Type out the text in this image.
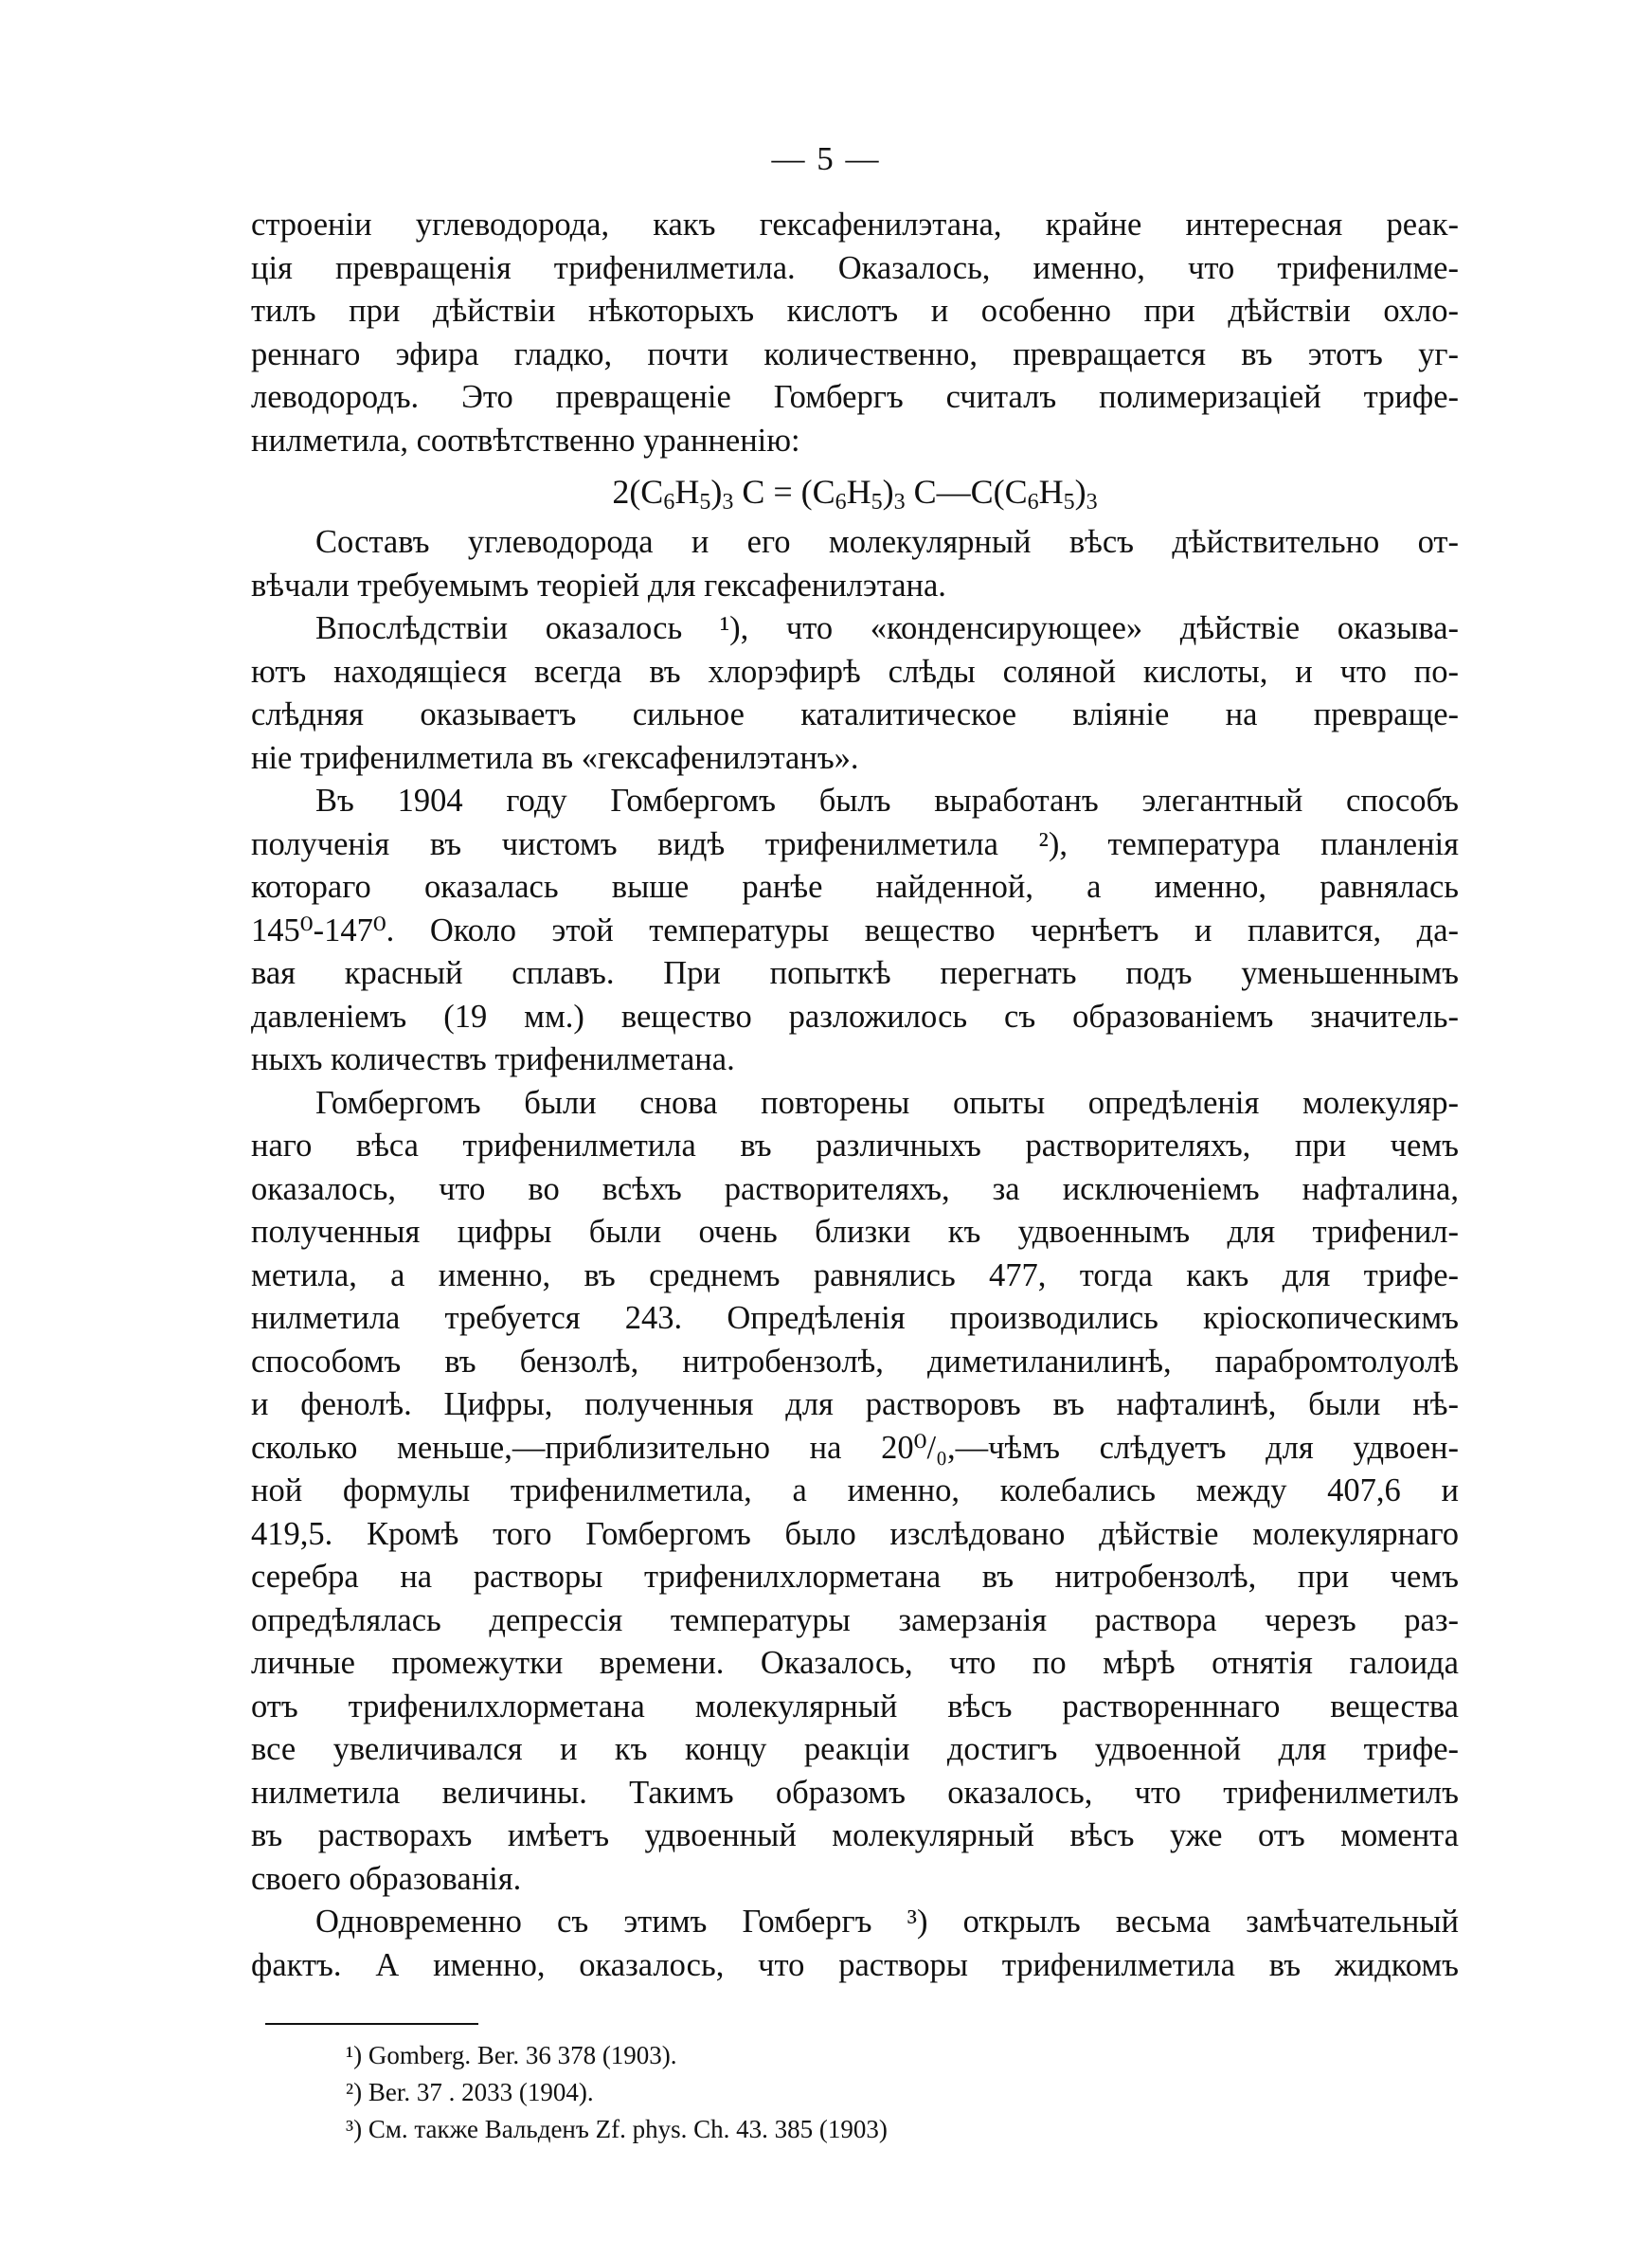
— 5 —
строеніи углеводорода, какъ гексафенилэтана, крайне интересная реак-
ція превращенія трифенилметила. Оказалось, именно, что трифенилме-
тилъ при дѣйствіи нѣкоторыхъ кислотъ и особенно при дѣйствіи охло-
реннаго эфира гладко, почти количественно, превращается въ этотъ уг-
леводородъ. Это превращеніе Гомбергъ считалъ полимеризацiей трифе-
нилметила, соотвѣтственно уранненію:
$2(C_6H_5)_3$ $C = (C_6H_5)_3$ $C—C(C_6H_5)_3$
Составъ углеводорода и его молекулярный вѣсъ дѣйствительно от-
вѣчали требуемымъ теоріей для гексафенилэтана.
Впослѣдствіи оказалось ¹), что «конденсирующее» дѣйствіе оказыва-
ютъ находящіеся всегда въ хлорэфирѣ слѣды соляной кислоты, и что по-
слѣдняя оказываетъ сильное каталитическое вліяніе на превраще-
ніе трифенилметила въ «гексафенилэтанъ».
Въ 1904 году Гомбергомъ былъ выработанъ элегантный способъ
полученія въ чистомъ видѣ трифенилметила ²), температура планленія
котораго оказалась выше ранѣе найденной, а именно, равнялась
145⁰-147⁰. Около этой температуры вещество чернѣетъ и плавится, да-
вая красный сплавъ. При попыткѣ перегнать подъ уменьшеннымъ
давленіемъ (19 мм.) вещество разложилось съ образованіемъ значитель-
ныхъ количествъ трифенилметана.
Гомбергомъ были снова повторены опыты опредѣленія молекуляр-
наго вѣса трифенилметила въ различныхъ растворителяхъ, при чемъ
оказалось, что во всѣхъ растворителяхъ, за исключеніемъ нафталина,
полученныя цифры были очень близки къ удвоеннымъ для трифенил-
метила, а именно, въ среднемъ равнялись 477, тогда какъ для трифе-
нилметила требуется 243. Опредѣленія производились кріоскопическимъ
способомъ въ бензолѣ, нитробензолѣ, диметиланилинѣ, парабромтолуолѣ
и фенолѣ. Цифры, полученныя для растворовъ въ нафталинѣ, были нѣ-
сколько меньше,—приблизительно на 20⁰/₀,—чѣмъ слѣдуетъ для удвоен-
ной формулы трифенилметила, а именно, колебались между 407,6 и
419,5. Кромѣ того Гомбергомъ было изслѣдовано дѣйствіе молекулярнаго
серебра на растворы трифенилхлорметана въ нитробензолѣ, при чемъ
опредѣлялась депрессія температуры замерзанія раствора черезъ раз-
личные промежутки времени. Оказалось, что по мѣрѣ отнятія галоида
отъ трифенилхлорметана молекулярный вѣсъ растворенннаго вещества
все увеличивался и къ концу реакціи достигъ удвоенной для трифе-
нилметила величины. Такимъ образомъ оказалось, что трифенилметилъ
въ растворахъ имѣетъ удвоенный молекулярный вѣсъ уже отъ момента
своего образованія.
Одновременно съ этимъ Гомбергъ ³) открылъ весьма замѣчательный
фактъ. А именно, оказалось, что растворы трифенилметила въ жидкомъ
¹) Gomberg. Ber. 36 378 (1903).
²) Ber. 37 . 2033 (1904).
³) См. также Вальденъ Zf. phys. Ch. 43. 385 (1903)
